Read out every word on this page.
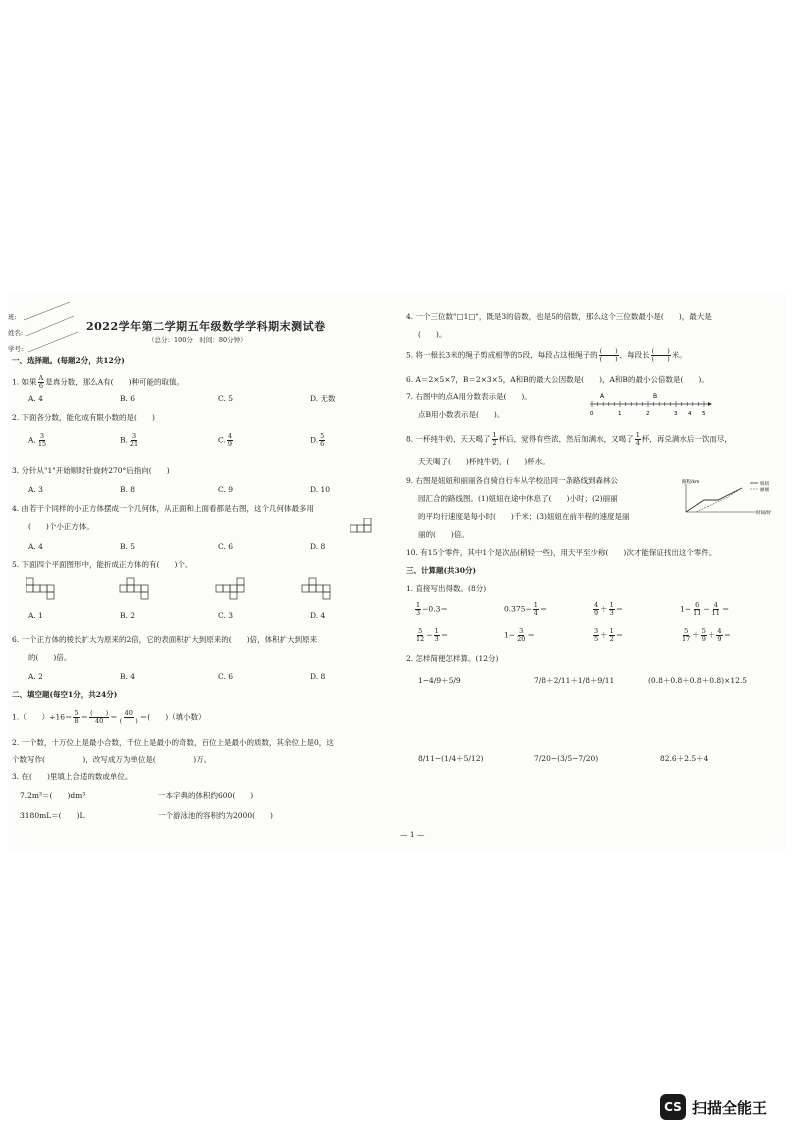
班:
姓名:
学号:
2022学年第二学期五年级数学学科期末测试卷
（总分：100分　时间：80分钟）
一、选择题。(每题2分，共12分)
1. 如果 $\frac{A}{6}$ 是真分数，那么A有(　　)种可能的取值。
A. 4	B. 6	C. 5	D. 无数
2. 下面各分数，能化成有限小数的是(　　)
A. $\frac{3}{15}$	B. $\frac{3}{21}$	C. $\frac{4}{9}$	D. $\frac{5}{6}$
3. 分针从"1"开始顺时针旋转270°后指向(　　)
A. 3	B. 8	C. 9	D. 10
4. 由若干个同样的小正方体摆成一个几何体，从正面和上面看都是右图，这个几何体最多用
(　　)个小正方体。
A. 4	B. 5	C. 6	D. 8
5. 下面四个平面图形中，能折成正方体的有(　　)个。
A. 1	B. 2	C. 3	D. 4
6. 一个正方体的棱长扩大为原来的2倍，它的表面积扩大到原来的(　　)倍，体积扩大到原来
的(　　)倍。
A. 2	B. 4	C. 6	D. 8
二、填空题(每空1分，共24分)
1.（　　）$\div 16= \frac{5}{8} = \frac{( )}{40} = \frac{40}{( )}$ ＝(　　)（填小数）
2. 一个数，十万位上是最小合数，千位上是最小的奇数，百位上是最小的质数，其余位上是0，这
个数写作(　　　　　)，改写成万为单位是(　　　　　)万。
3. 在(　　)里填上合适的数或单位。
7.2m³＝(　　)dm³	一本字典的体积约600(　　)
3180mL＝(　　)L	一个游泳池的容积约为2000(　　)
4. 一个三位数"□1□"，既是3的倍数，也是5的倍数，那么这个三位数最小是(　　)，最大是
(　　)。
5. 将一根长3米的绳子剪成相等的5段，每段占这根绳子的 $\frac{( )}{( )}$ ，每段长 $\frac{( )}{( )}$ 米。
6. A＝2×5×7，B＝2×3×5，A和B的最大公因数是(　　)，A和B的最小公倍数是(　　)。
7. 右图中的点A用分数表示是(　　)。
点B用小数表示是(　　)。
A	B
0	1	2	3 4 5
8. 一杯纯牛奶，天天喝了 $\frac{1}{2}$ 杯后，觉得有些浓，然后加满水，又喝了 $\frac{1}{4}$ 杯，再兑满水后一饮而尽，
天天喝了(　　)杯纯牛奶，(　　)杯水。
9. 右图是妞妞和丽丽各自骑自行车从学校沿同一条路线到森林公
园汇合的路线图。(1)妞妞在途中休息了(　　)小时；(2)丽丽
的平均行速度是每小时(　　)千米；(3)妞妞在前半程的速度是丽
丽的(　　)倍。
路程/km	妞妞
丽丽
时间/时
10. 有15个零件，其中1个是次品(稍轻一些)，用天平至少称(　　)次才能保证找出这个零件。
三、计算题(共30分)
1. 直接写出得数。(8分)
$\frac{1}{3} -0.3=$	$0.375- \frac{1}{4}$ ＝	$\frac{4}{9} + \frac{1}{3}$ ＝	$1- \frac{6}{11} - \frac{4}{11}$ ＝
$\frac{5}{12} - \frac{1}{3}$ ＝	$1- \frac{3}{20}$ ＝	$\frac{3}{5} + \frac{1}{2}$ ＝	$\frac{5}{17} + \frac{5}{9} + \frac{4}{9}$ ＝
2. 怎样简便怎样算。(12分)
1−4/9＋5/9	7/8＋2/11＋1/8＋9/11	(0.8＋0.8＋0.8＋0.8)×12.5
8/11−(1/4＋5/12)	7/20−(3/5−7/20)	82.6＋2.5＋4
— 1 —
CS 扫描全能王
